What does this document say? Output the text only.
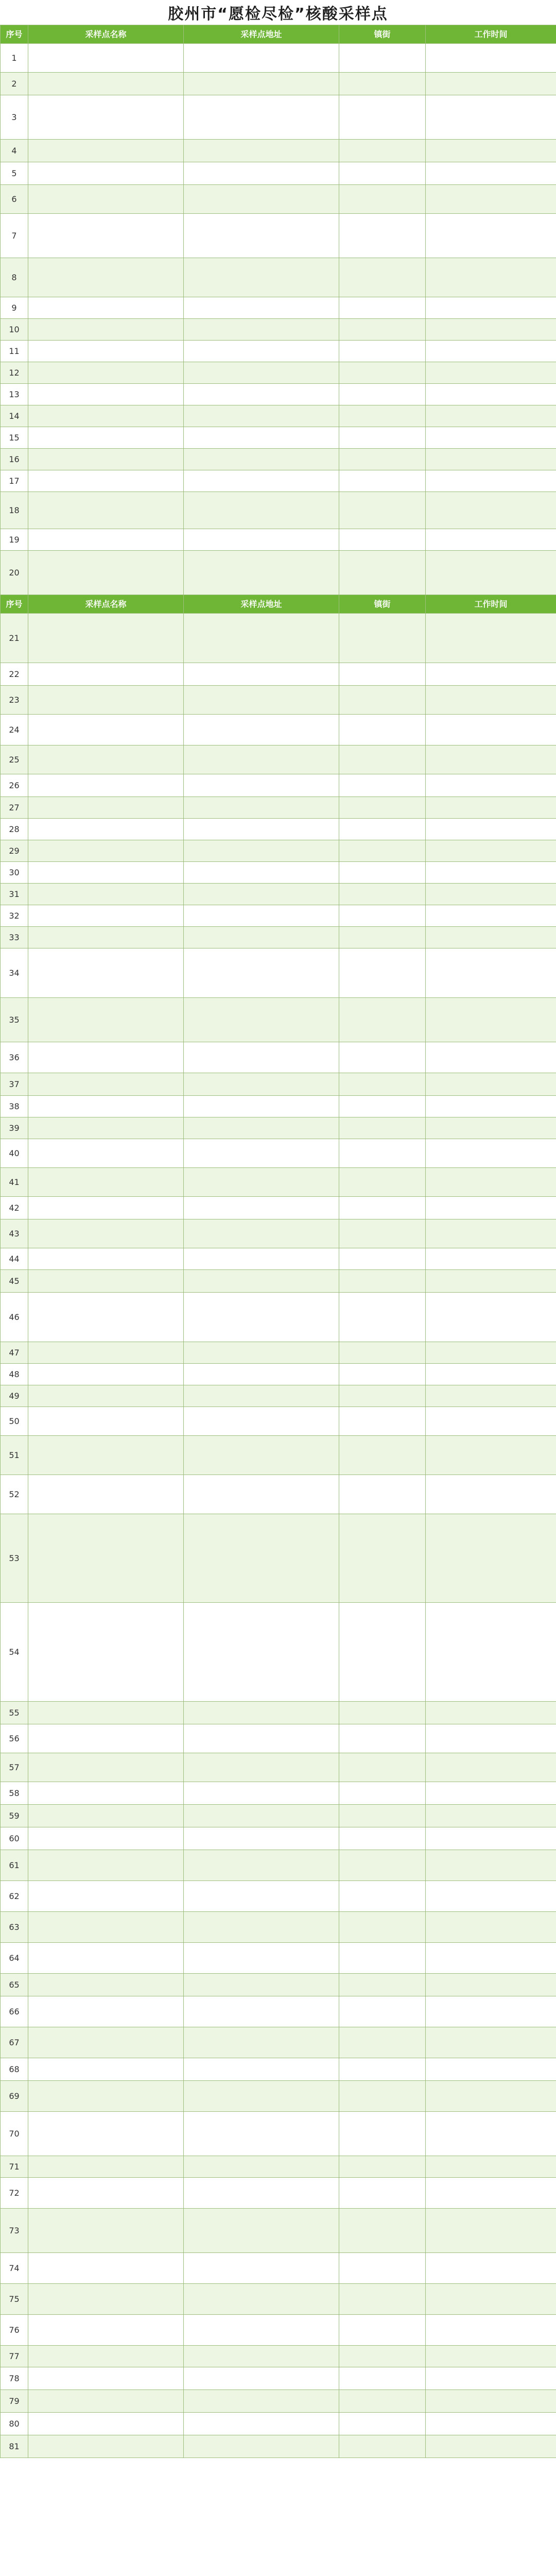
胶州市“愿检尽检”核酸采样点
序号	采样点名称	采样点地址	镇街	工作时间
1				
2				
3				
4				
5				
6				
7				
8				
9				
10				
11				
12				
13				
14				
15				
16				
17				
18				
19				
20				
序号	采样点名称	采样点地址	镇街	工作时间
21				
22				
23				
24				
25				
26				
27				
28				
29				
30				
31				
32				
33				
34				
35				
36				
37				
38				
39				
40				
41				
42				
43				
44				
45				
46				
47				
48				
49				
50				
51				
52				
53				
54				
55				
56				
57				
58				
59				
60				
61				
62				
63				
64				
65				
66				
67				
68				
69				
70				
71				
72				
73				
74				
75				
76				
77				
78				
79				
80				
81				
